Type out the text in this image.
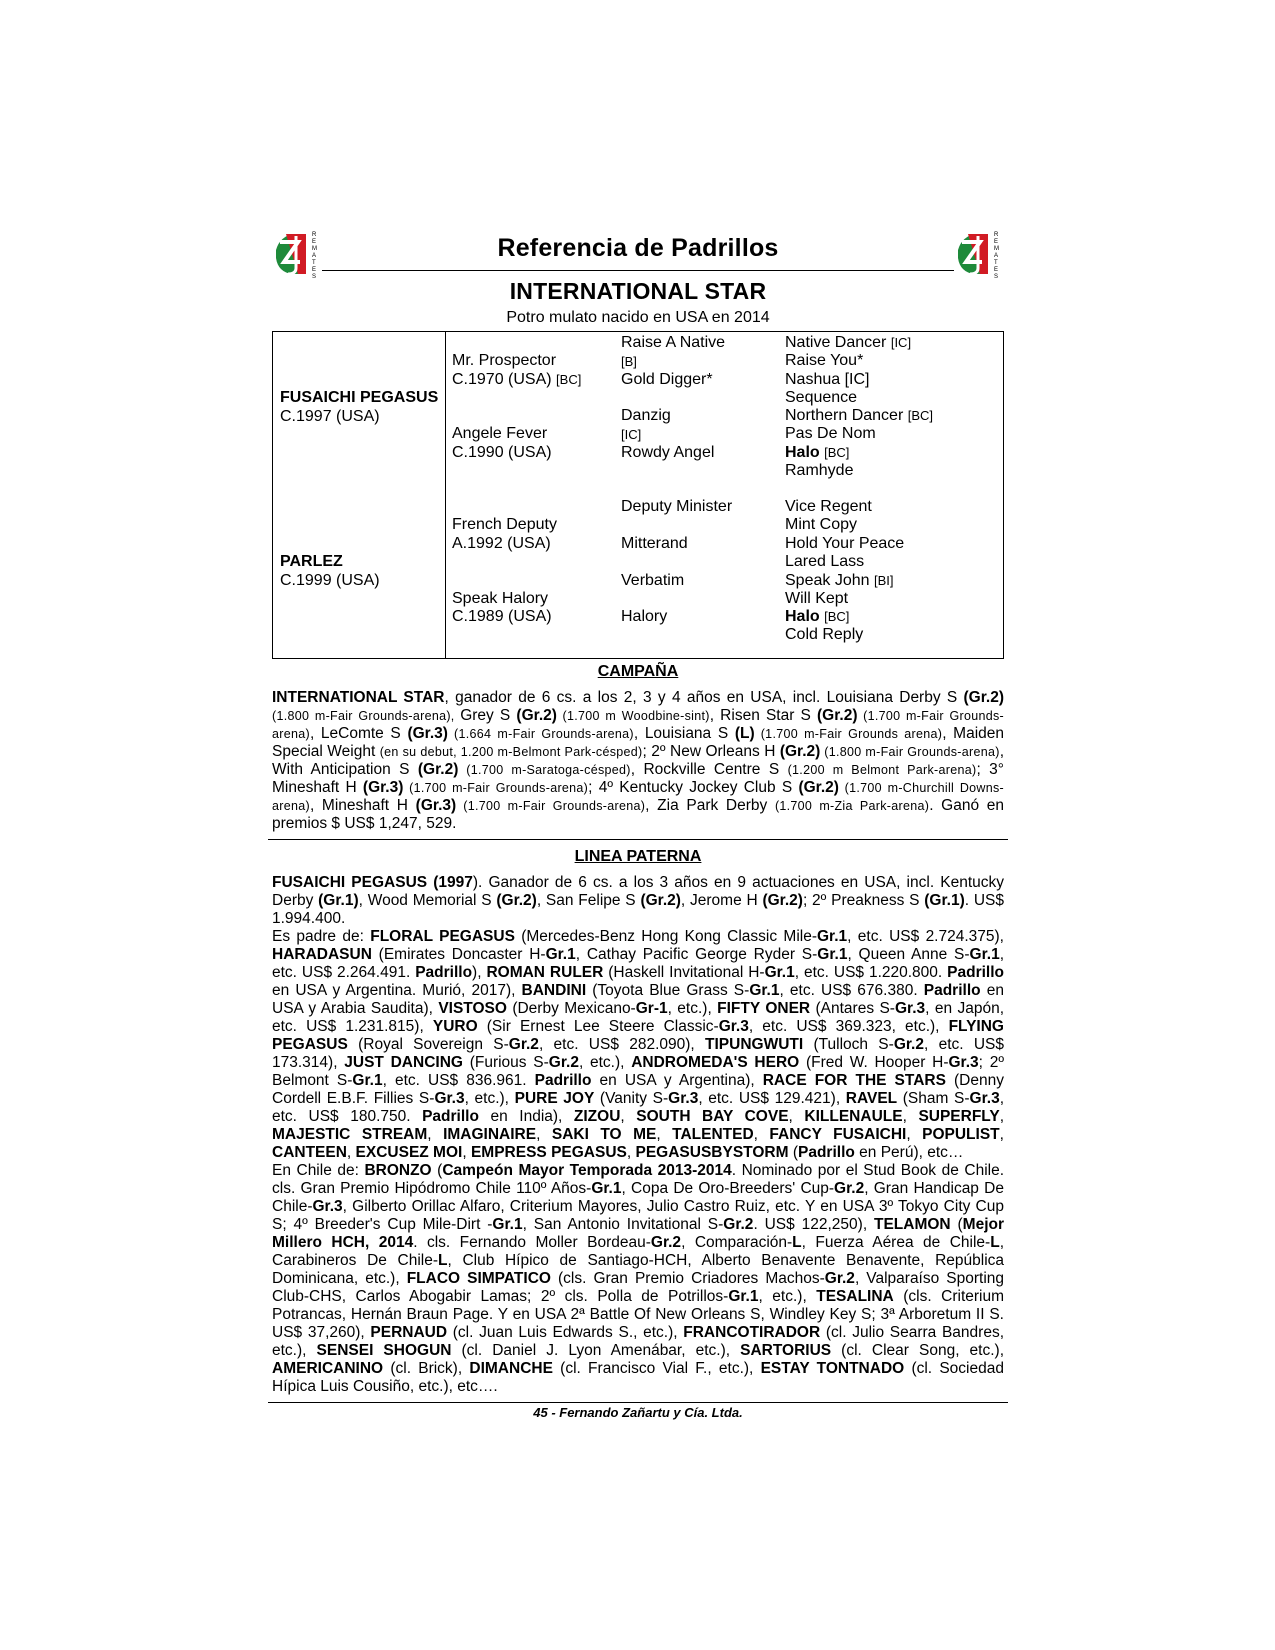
R
E
M
A
T
E
S
Referencia de Padrillos	R
E
M
A
T
E
S
INTERNATIONAL STAR
Potro mulato nacido en USA en 2014
FUSAICHI PEGASUS
C.1997 (USA)
PARLEZ
C.1999 (USA)
Mr. Prospector
C.1970 (USA) [BC]
Angele Fever
C.1990 (USA)
French Deputy
A.1992 (USA)
Speak Halory
C.1989 (USA)
Raise A Native
[B]
Gold Digger*
Danzig
[IC]
Rowdy Angel
Deputy Minister
Mitterand
Verbatim
Halory
Native Dancer [IC]
Raise You*
Nashua [IC]
Sequence
Northern Dancer [BC]
Pas De Nom
Halo [BC]
Ramhyde
Vice Regent
Mint Copy
Hold Your Peace
Lared Lass
Speak John [BI]
Will Kept
Halo [BC]
Cold Reply
CAMPAÑA
INTERNATIONAL STAR, ganador de 6 cs. a los 2, 3 y 4 años en USA, incl. Louisiana Derby S (Gr.2) (1.800 m-Fair Grounds-arena), Grey S (Gr.2) (1.700 m Woodbine-sint), Risen Star S (Gr.2) (1.700 m-Fair Grounds-arena), LeComte S (Gr.3) (1.664 m-Fair Grounds-arena), Louisiana S (L) (1.700 m-Fair Grounds arena), Maiden Special Weight (en su debut, 1.200 m-Belmont Park-césped); 2º New Orleans H (Gr.2) (1.800 m-Fair Grounds-arena), With Anticipation S (Gr.2) (1.700 m-Saratoga-césped), Rockville Centre S (1.200 m Belmont Park-arena); 3° Mineshaft H (Gr.3) (1.700 m-Fair Grounds-arena); 4º Kentucky Jockey Club S (Gr.2) (1.700 m-Churchill Downs-arena), Mineshaft H (Gr.3) (1.700 m-Fair Grounds-arena), Zia Park Derby (1.700 m-Zia Park-arena). Ganó en premios $ US$ 1,247, 529.
LINEA PATERNA
FUSAICHI PEGASUS (1997). Ganador de 6 cs. a los 3 años en 9 actuaciones en USA, incl. Kentucky Derby (Gr.1), Wood Memorial S (Gr.2), San Felipe S (Gr.2), Jerome H (Gr.2); 2º Preakness S (Gr.1). US$ 1.994.400.
Es padre de: FLORAL PEGASUS (Mercedes-Benz Hong Kong Classic Mile-Gr.1, etc. US$ 2.724.375), HARADASUN (Emirates Doncaster H-Gr.1, Cathay Pacific George Ryder S-Gr.1, Queen Anne S-Gr.1, etc. US$ 2.264.491. Padrillo), ROMAN RULER (Haskell Invitational H-Gr.1, etc. US$ 1.220.800. Padrillo en USA y Argentina. Murió, 2017), BANDINI (Toyota Blue Grass S-Gr.1, etc. US$ 676.380. Padrillo en USA y Arabia Saudita), VISTOSO (Derby Mexicano-Gr-1, etc.), FIFTY ONER (Antares S-Gr.3, en Japón, etc. US$ 1.231.815), YURO (Sir Ernest Lee Steere Classic-Gr.3, etc. US$ 369.323, etc.), FLYING PEGASUS (Royal Sovereign S-Gr.2, etc. US$ 282.090), TIPUNGWUTI (Tulloch S-Gr.2, etc. US$ 173.314), JUST DANCING (Furious S-Gr.2, etc.), ANDROMEDA'S HERO (Fred W. Hooper H-Gr.3; 2º Belmont S-Gr.1, etc. US$ 836.961. Padrillo en USA y Argentina), RACE FOR THE STARS (Denny Cordell E.B.F. Fillies S-Gr.3, etc.), PURE JOY (Vanity S-Gr.3, etc. US$ 129.421), RAVEL (Sham S-Gr.3, etc. US$ 180.750. Padrillo en India), ZIZOU, SOUTH BAY COVE, KILLENAULE, SUPERFLY, MAJESTIC STREAM, IMAGINAIRE, SAKI TO ME, TALENTED, FANCY FUSAICHI, POPULIST, CANTEEN, EXCUSEZ MOI, EMPRESS PEGASUS, PEGASUSBYSTORM (Padrillo en Perú), etc…
En Chile de: BRONZO (Campeón Mayor Temporada 2013-2014. Nominado por el Stud Book de Chile. cls. Gran Premio Hipódromo Chile 110º Años-Gr.1, Copa De Oro-Breeders' Cup-Gr.2, Gran Handicap De Chile-Gr.3, Gilberto Orillac Alfaro, Criterium Mayores, Julio Castro Ruiz, etc. Y en USA 3º Tokyo City Cup S; 4º Breeder's Cup Mile-Dirt -Gr.1, San Antonio Invitational S-Gr.2. US$ 122,250), TELAMON (Mejor Millero HCH, 2014. cls. Fernando Moller Bordeau-Gr.2, Comparación-L, Fuerza Aérea de Chile-L, Carabineros De Chile-L, Club Hípico de Santiago-HCH, Alberto Benavente Benavente, República Dominicana, etc.), FLACO SIMPATICO (cls. Gran Premio Criadores Machos-Gr.2, Valparaíso Sporting Club-CHS, Carlos Abogabir Lamas; 2º cls. Polla de Potrillos-Gr.1, etc.), TESALINA (cls. Criterium Potrancas, Hernán Braun Page. Y en USA 2ª Battle Of New Orleans S, Windley Key S; 3ª Arboretum II S. US$ 37,260), PERNAUD (cl. Juan Luis Edwards S., etc.), FRANCOTIRADOR (cl. Julio Searra Bandres, etc.), SENSEI SHOGUN (cl. Daniel J. Lyon Amenábar, etc.), SARTORIUS (cl. Clear Song, etc.), AMERICANINO (cl. Brick), DIMANCHE (cl. Francisco Vial F., etc.), ESTAY TONTNADO (cl. Sociedad Hípica Luis Cousiño, etc.), etc….
45 - Fernando Zañartu y Cía. Ltda.
